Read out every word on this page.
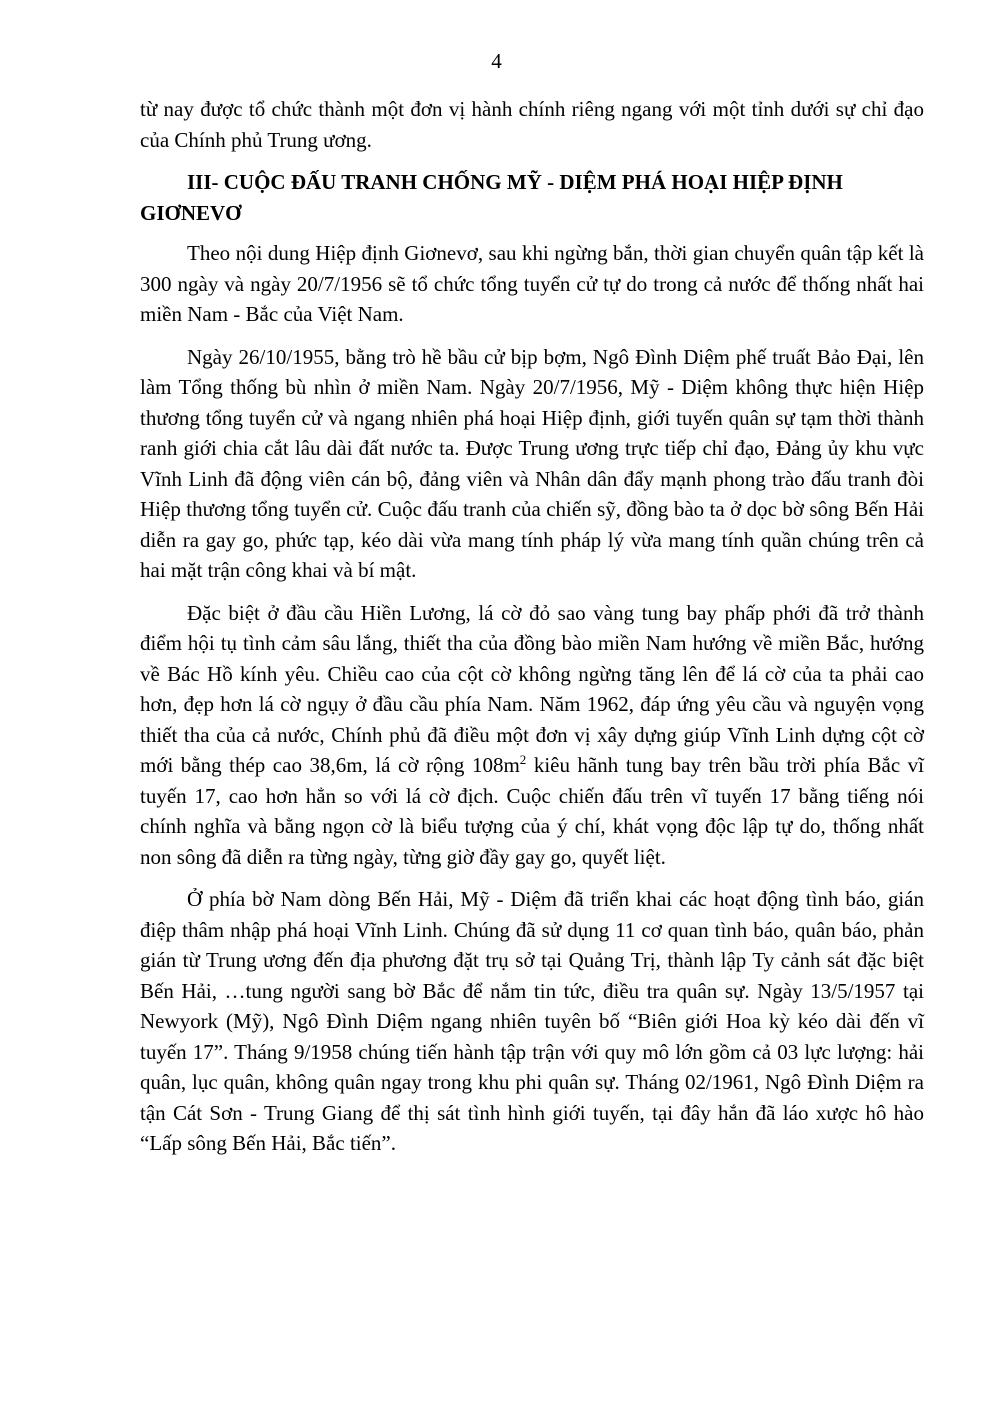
4

từ nay được tổ chức thành một đơn vị hành chính riêng ngang với một tỉnh dưới sự chỉ đạo của Chính phủ Trung ương.

III- CUỘC ĐẤU TRANH CHỐNG MỸ - DIỆM PHÁ HOẠI HIỆP ĐỊNH GIƠNEVƠ

Theo nội dung Hiệp định Giơnevơ, sau khi ngừng bắn, thời gian chuyển quân tập kết là 300 ngày và ngày 20/7/1956 sẽ tổ chức tổng tuyển cử tự do trong cả nước để thống nhất hai miền Nam - Bắc của Việt Nam.

Ngày 26/10/1955, bằng trò hề bầu cử bịp bợm, Ngô Đình Diệm phế truất Bảo Đại, lên làm Tổng thống bù nhìn ở miền Nam. Ngày 20/7/1956, Mỹ - Diệm không thực hiện Hiệp thương tổng tuyển cử và ngang nhiên phá hoại Hiệp định, giới tuyến quân sự tạm thời thành ranh giới chia cắt lâu dài đất nước ta. Được Trung ương trực tiếp chỉ đạo, Đảng ủy khu vực Vĩnh Linh đã động viên cán bộ, đảng viên và Nhân dân đẩy mạnh phong trào đấu tranh đòi Hiệp thương tổng tuyển cử. Cuộc đấu tranh của chiến sỹ, đồng bào ta ở dọc bờ sông Bến Hải diễn ra gay go, phức tạp, kéo dài vừa mang tính pháp lý vừa mang tính quần chúng trên cả hai mặt trận công khai và bí mật.

Đặc biệt ở đầu cầu Hiền Lương, lá cờ đỏ sao vàng tung bay phấp phới đã trở thành điểm hội tụ tình cảm sâu lắng, thiết tha của đồng bào miền Nam hướng về miền Bắc, hướng về Bác Hồ kính yêu. Chiều cao của cột cờ không ngừng tăng lên để lá cờ của ta phải cao hơn, đẹp hơn lá cờ ngụy ở đầu cầu phía Nam. Năm 1962, đáp ứng yêu cầu và nguyện vọng thiết tha của cả nước, Chính phủ đã điều một đơn vị xây dựng giúp Vĩnh Linh dựng cột cờ mới bằng thép cao 38,6m, lá cờ rộng $108m^2$ kiêu hãnh tung bay trên bầu trời phía Bắc vĩ tuyến 17, cao hơn hẳn so với lá cờ địch. Cuộc chiến đấu trên vĩ tuyến 17 bằng tiếng nói chính nghĩa và bằng ngọn cờ là biểu tượng của ý chí, khát vọng độc lập tự do, thống nhất non sông đã diễn ra từng ngày, từng giờ đầy gay go, quyết liệt.

Ở phía bờ Nam dòng Bến Hải, Mỹ - Diệm đã triển khai các hoạt động tình báo, gián điệp thâm nhập phá hoại Vĩnh Linh. Chúng đã sử dụng 11 cơ quan tình báo, quân báo, phản gián từ Trung ương đến địa phương đặt trụ sở tại Quảng Trị, thành lập Ty cảnh sát đặc biệt Bến Hải, …tung người sang bờ Bắc để nắm tin tức, điều tra quân sự. Ngày 13/5/1957 tại Newyork (Mỹ), Ngô Đình Diệm ngang nhiên tuyên bố “Biên giới Hoa kỳ kéo dài đến vĩ tuyến 17”. Tháng 9/1958 chúng tiến hành tập trận với quy mô lớn gồm cả 03 lực lượng: hải quân, lục quân, không quân ngay trong khu phi quân sự. Tháng 02/1961, Ngô Đình Diệm ra tận Cát Sơn - Trung Giang để thị sát tình hình giới tuyến, tại đây hắn đã láo xược hô hào “Lấp sông Bến Hải, Bắc tiến”.
